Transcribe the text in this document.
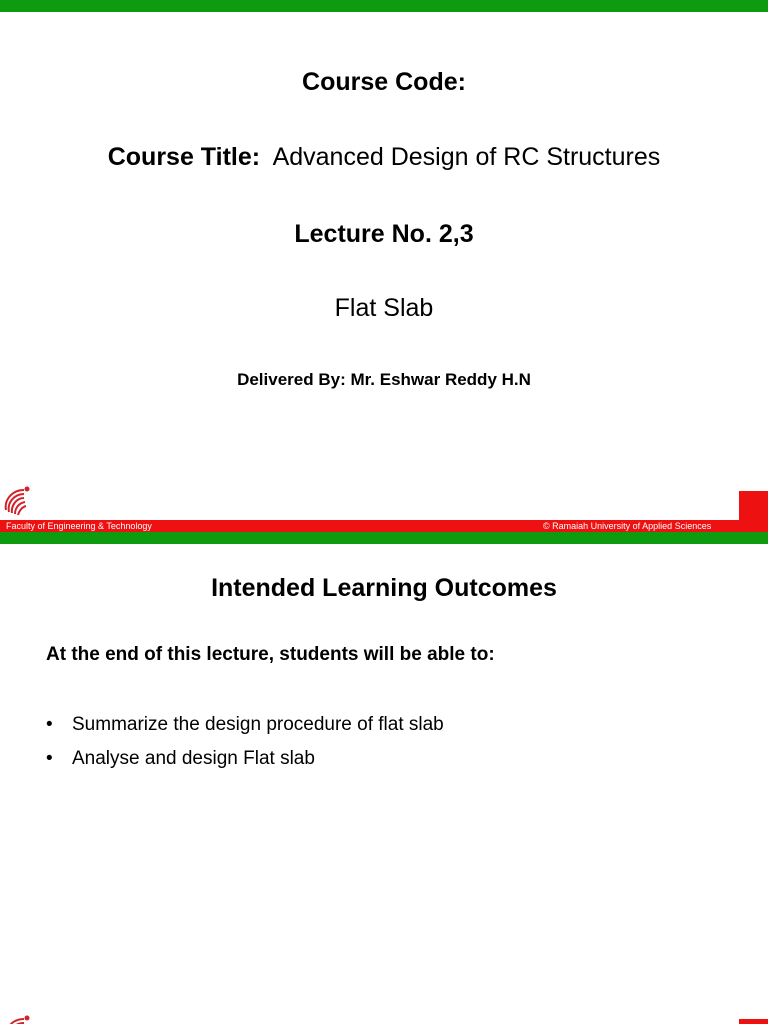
Course Code:
Course Title: Advanced Design of RC Structures
Lecture No. 2,3
Flat Slab
Delivered By: Mr. Eshwar Reddy H.N
Faculty of Engineering & Technology	© Ramaiah University of Applied Sciences
Intended Learning Outcomes
At the end of this lecture, students will be able to:
• Summarize the design procedure of flat slab
• Analyse and design Flat slab
